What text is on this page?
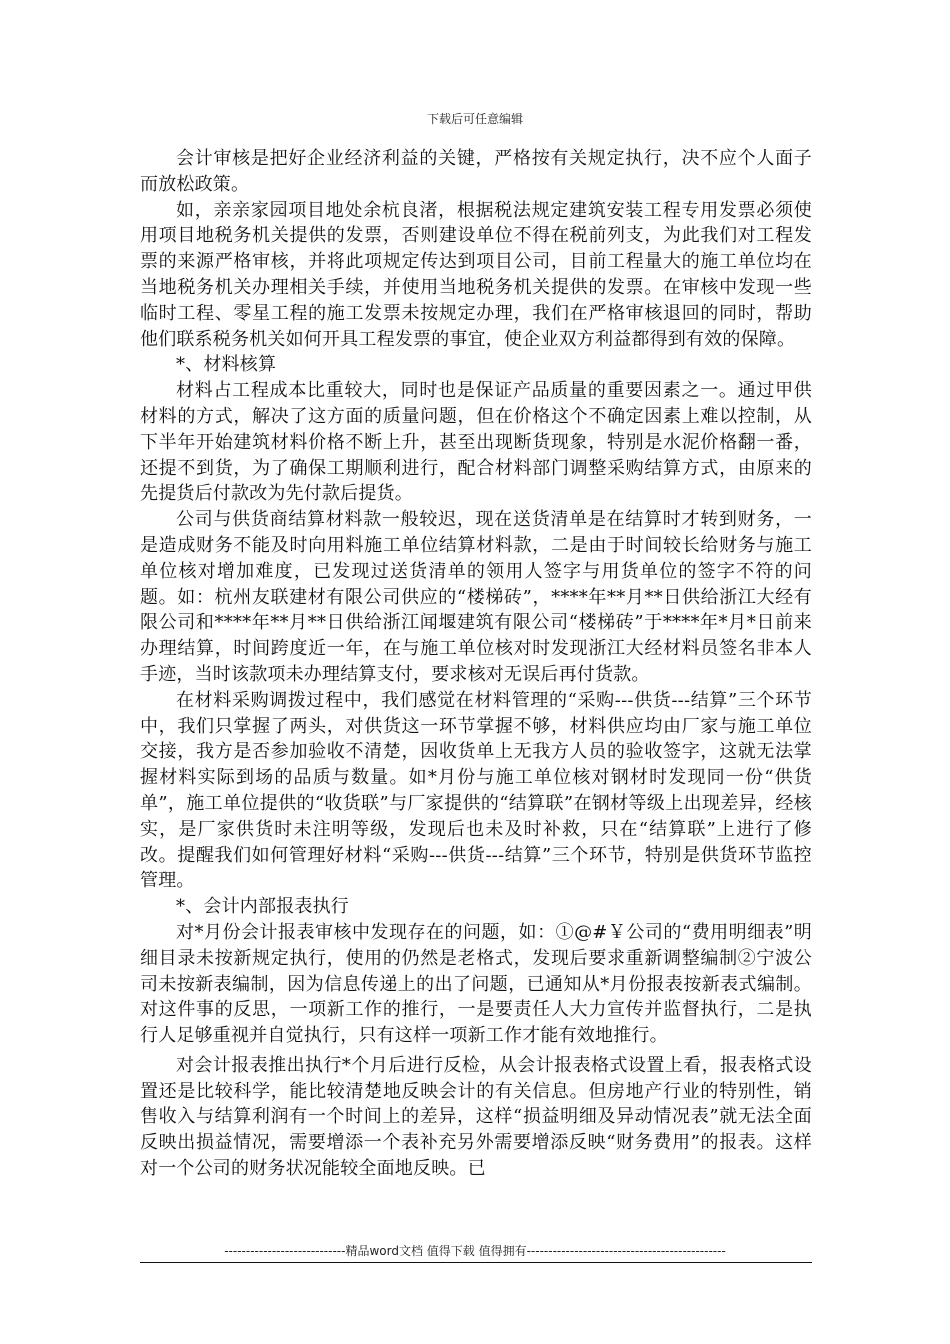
下载后可任意编辑

会计审核是把好企业经济利益的关键，严格按有关规定执行，决不应个人面子而放松政策。

如，亲亲家园项目地处余杭良渚，根据税法规定建筑安装工程专用发票必须使用项目地税务机关提供的发票，否则建设单位不得在税前列支，为此我们对工程发票的来源严格审核，并将此项规定传达到项目公司，目前工程量大的施工单位均在当地税务机关办理相关手续，并使用当地税务机关提供的发票。在审核中发现一些临时工程、零星工程的施工发票未按规定办理，我们在严格审核退回的同时，帮助他们联系税务机关如何开具工程发票的事宜，使企业双方利益都得到有效的保障。

*、材料核算

材料占工程成本比重较大，同时也是保证产品质量的重要因素之一。通过甲供材料的方式，解决了这方面的质量问题，但在价格这个不确定因素上难以控制，从下半年开始建筑材料价格不断上升，甚至出现断货现象，特别是水泥价格翻一番，还提不到货，为了确保工期顺利进行，配合材料部门调整采购结算方式，由原来的先提货后付款改为先付款后提货。

公司与供货商结算材料款一般较迟，现在送货清单是在结算时才转到财务，一是造成财务不能及时向用料施工单位结算材料款，二是由于时间较长给财务与施工单位核对增加难度，已发现过送货清单的领用人签字与用货单位的签字不符的问题。如：杭州友联建材有限公司供应的“楼梯砖”，****年**月**日供给浙江大经有限公司和****年**月**日供给浙江闻堰建筑有限公司“楼梯砖”于****年*月*日前来办理结算，时间跨度近一年，在与施工单位核对时发现浙江大经材料员签名非本人手迹，当时该款项未办理结算支付，要求核对无误后再付货款。

在材料采购调拨过程中，我们感觉在材料管理的“采购---供货---结算”三个环节中，我们只掌握了两头，对供货这一环节掌握不够，材料供应均由厂家与施工单位交接，我方是否参加验收不清楚，因收货单上无我方人员的验收签字，这就无法掌握材料实际到场的品质与数量。如*月份与施工单位核对钢材时发现同一份“供货单”，施工单位提供的“收货联”与厂家提供的“结算联”在钢材等级上出现差异，经核实，是厂家供货时未注明等级，发现后也未及时补救，只在“结算联”上进行了修改。提醒我们如何管理好材料“采购---供货---结算”三个环节，特别是供货环节监控管理。

*、会计内部报表执行

对*月份会计报表审核中发现存在的问题，如：①@#￥公司的“费用明细表”明细目录未按新规定执行，使用的仍然是老格式，发现后要求重新调整编制②宁波公司未按新表编制，因为信息传递上的出了问题，已通知从*月份报表按新表式编制。对这件事的反思，一项新工作的推行，一是要责任人大力宣传并监督执行，二是执行人足够重视并自觉执行，只有这样一项新工作才能有效地推行。

对会计报表推出执行*个月后进行反检，从会计报表格式设置上看，报表格式设置还是比较科学，能比较清楚地反映会计的有关信息。但房地产行业的特别性，销售收入与结算利润有一个时间上的差异，这样“损益明细及异动情况表”就无法全面反映出损益情况，需要增添一个表补充另外需要增添反映“财务费用”的报表。这样对一个公司的财务状况能较全面地反映。已

----------------------------精品word文档 值得下载 值得拥有----------------------------------------------
